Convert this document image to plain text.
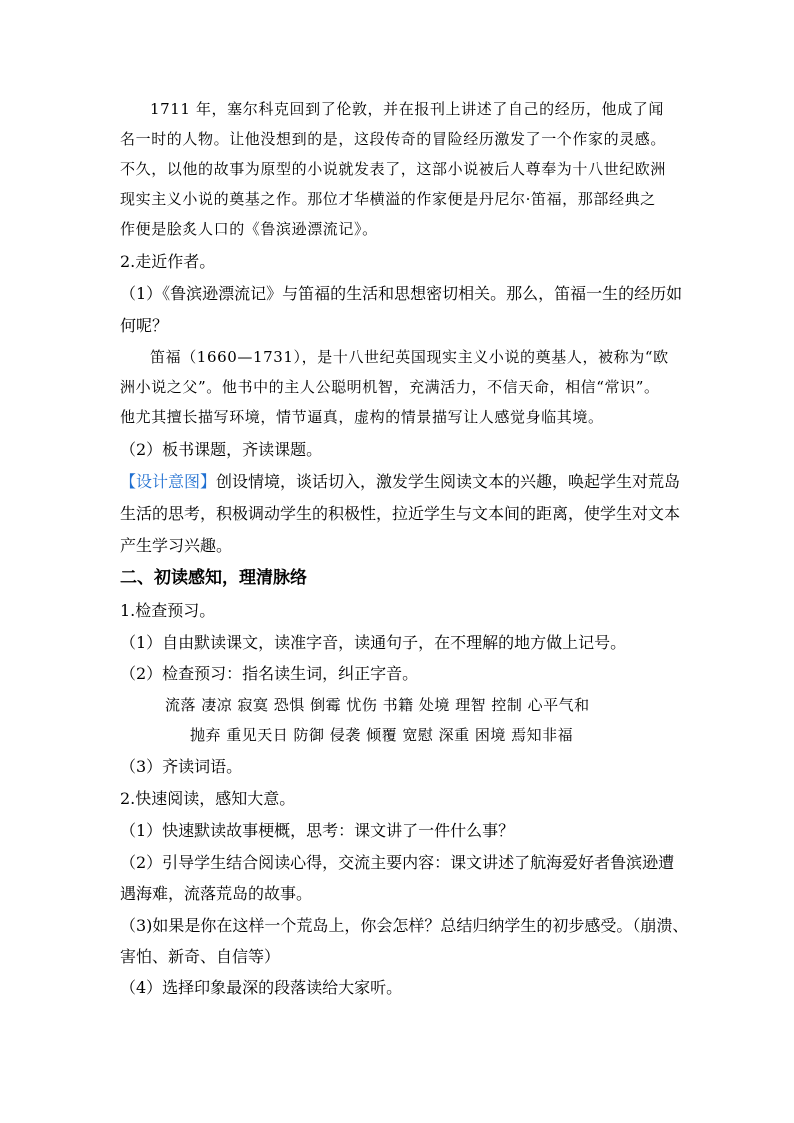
1711 年，塞尔科克回到了伦敦，并在报刊上讲述了自己的经历，他成了闻
名一时的人物。让他没想到的是，这段传奇的冒险经历激发了一个作家的灵感。
不久，以他的故事为原型的小说就发表了，这部小说被后人尊奉为十八世纪欧洲
现实主义小说的奠基之作。那位才华横溢的作家便是丹尼尔·笛福，那部经典之
作便是脍炙人口的《鲁滨逊漂流记》。
2.走近作者。
（1）《鲁滨逊漂流记》与笛福的生活和思想密切相关。那么，笛福一生的经历如
何呢？
笛福（1660—1731），是十八世纪英国现实主义小说的奠基人，被称为“欧
洲小说之父”。他书中的主人公聪明机智，充满活力，不信天命，相信“常识”。
他尤其擅长描写环境，情节逼真，虚构的情景描写让人感觉身临其境。
（2）板书课题，齐读课题。
【设计意图】创设情境，谈话切入，激发学生阅读文本的兴趣，唤起学生对荒岛
生活的思考，积极调动学生的积极性，拉近学生与文本间的距离，使学生对文本
产生学习兴趣。
二、初读感知，理清脉络
1.检查预习。
（1）自由默读课文，读准字音，读通句子，在不理解的地方做上记号。
（2）检查预习：指名读生词，纠正字音。
流落 凄凉 寂寞 恐惧 倒霉 忧伤 书籍 处境 理智 控制 心平气和
抛弃 重见天日 防御 侵袭 倾覆 宽慰 深重 困境 焉知非福
（3）齐读词语。
2.快速阅读，感知大意。
（1）快速默读故事梗概，思考：课文讲了一件什么事？
（2）引导学生结合阅读心得，交流主要内容：课文讲述了航海爱好者鲁滨逊遭
遇海难，流落荒岛的故事。
（3)如果是你在这样一个荒岛上，你会怎样？总结归纳学生的初步感受。（崩溃、
害怕、新奇、自信等）
（4）选择印象最深的段落读给大家听。
